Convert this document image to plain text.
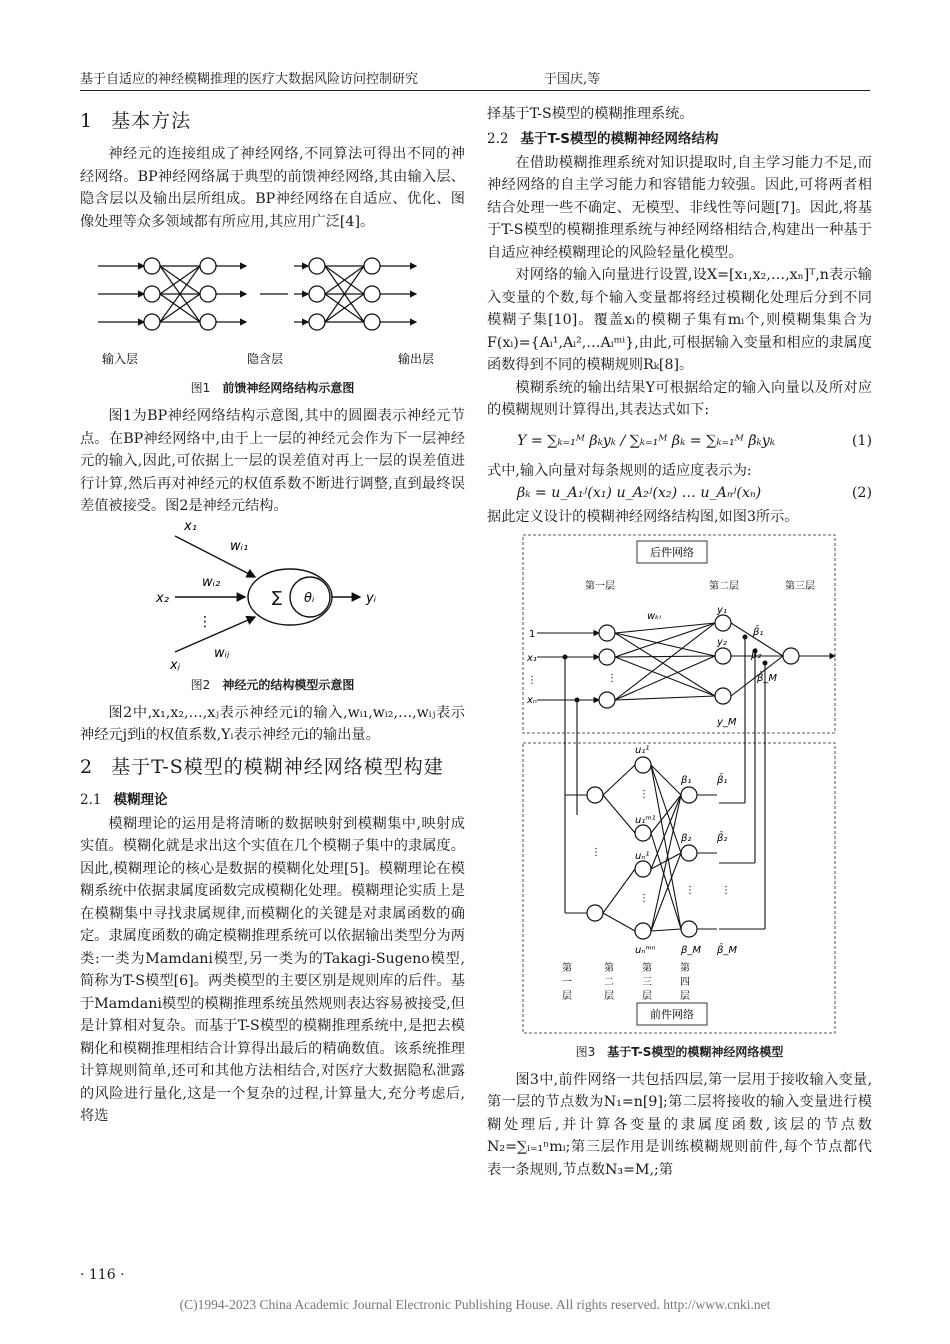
基于自适应的神经模糊推理的医疗大数据风险访问控制研究	于国庆,等
1 基本方法

神经元的连接组成了神经网络,不同算法可得出不同的神经网络。BP神经网络属于典型的前馈神经网络,其由输入层、隐含层以及输出层所组成。BP神经网络在自适应、优化、图像处理等众多领域都有所应用,其应用广泛[4]。

输入层	隐含层	输出层
图1 前馈神经网络结构示意图

图1为BP神经网络结构示意图,其中的圆圈表示神经元节点。在BP神经网络中,由于上一层的神经元会作为下一层神经元的输入,因此,可依据上一层的误差值对再上一层的误差值进行计算,然后再对神经元的权值系数不断进行调整,直到最终误差值被接受。图2是神经元结构。

x₁
wᵢ₁
x₂
wᵢ₂
xⱼ
wᵢⱼ
∑ θᵢ	yᵢ
⋮
图2 神经元的结构模型示意图

图2中,x₁,x₂,…,xⱼ表示神经元i的输入,wᵢ₁,wᵢ₂,…,wᵢⱼ表示神经元j到i的权值系数,Yᵢ表示神经元i的输出量。

2 基于T-S模型的模糊神经网络模型构建
2.1 模糊理论

模糊理论的运用是将清晰的数据映射到模糊集中,映射成实值。模糊化就是求出这个实值在几个模糊子集中的隶属度。因此,模糊理论的核心是数据的模糊化处理[5]。模糊理论在模糊系统中依据隶属度函数完成模糊化处理。模糊理论实质上是在模糊集中寻找隶属规律,而模糊化的关键是对隶属函数的确定。隶属度函数的确定模糊推理系统可以依据输出类型分为两类:一类为Mamdani模型,另一类为的Takagi-Sugeno模型,简称为T-S模型[6]。两类模型的主要区别是规则库的后件。基于Mamdani模型的模糊推理系统虽然规则表达容易被接受,但是计算相对复杂。而基于T-S模型的模糊推理系统中,是把去模糊化和模糊推理相结合计算得出最后的精确数值。该系统推理计算规则简单,还可和其他方法相结合,对医疗大数据隐私泄露的风险进行量化,这是一个复杂的过程,计算量大,充分考虑后,将选

择基于T-S模型的模糊推理系统。

2.2 基于T-S模型的模糊神经网络结构

在借助模糊推理系统对知识提取时,自主学习能力不足,而神经网络的自主学习能力和容错能力较强。因此,可将两者相结合处理一些不确定、无模型、非线性等问题[7]。因此,将基于T-S模型的模糊推理系统与神经网络相结合,构建出一种基于自适应神经模糊理论的风险轻量化模型。

对网络的输入向量进行设置,设X=[x₁,x₂,…,xₙ]ᵀ,n表示输入变量的个数,每个输入变量都将经过模糊化处理后分到不同模糊子集[10]。覆盖xᵢ的模糊子集有mᵢ个,则模糊集集合为F(xᵢ)={Aᵢ¹,Aᵢ²,…Aᵢᵐⁱ},由此,可根据输入变量和相应的隶属度函数得到不同的模糊规则Rₖ[8]。

模糊系统的输出结果Y可根据给定的输入向量以及所对应的模糊规则计算得出,其表达式如下:

Y = ∑ₖ₌₁ᴹ βₖyₖ / ∑ₖ₌₁ᴹ βₖ = ∑ₖ₌₁ᴹ β̄ₖyₖ	(1)

式中,输入向量对每条规则的适应度表示为:

βₖ = u_A₁ʲ(x₁) u_A₂ʲ(x₂) … u_Aₙʲ(xₙ)	(2)

据此定义设计的模糊神经网络结构图,如图3所示。

后件网络
前件网络
第一层	第二层	第三层
1
x₁
xₙ
⋮	⋮
wₖᵢ
y₁
y₂
y_M
β̄₁
β̄₂
β̄_M
u₁¹
u₁ᵐ¹
uₙ¹
uₙᵐⁿ
β₁
β₂
β_M
β̄₁
β̄₂
β̄_M
⋮
⋮
⋮
⋮	⋮
第一层
第二层
第三层
第四层
图3 基于T-S模型的模糊神经网络模型

图3中,前件网络一共包括四层,第一层用于接收输入变量,第一层的节点数为N₁=n[9];第二层将接收的输入变量进行模糊处理后,并计算各变量的隶属度函数,该层的节点数N₂=∑ᵢ₌₁ⁿmᵢ;第三层作用是训练模糊规则前件,每个节点都代表一条规则,节点数N₃=M,;第

· 116 ·
(C)1994-2023 China Academic Journal Electronic Publishing House. All rights reserved. http://www.cnki.net
